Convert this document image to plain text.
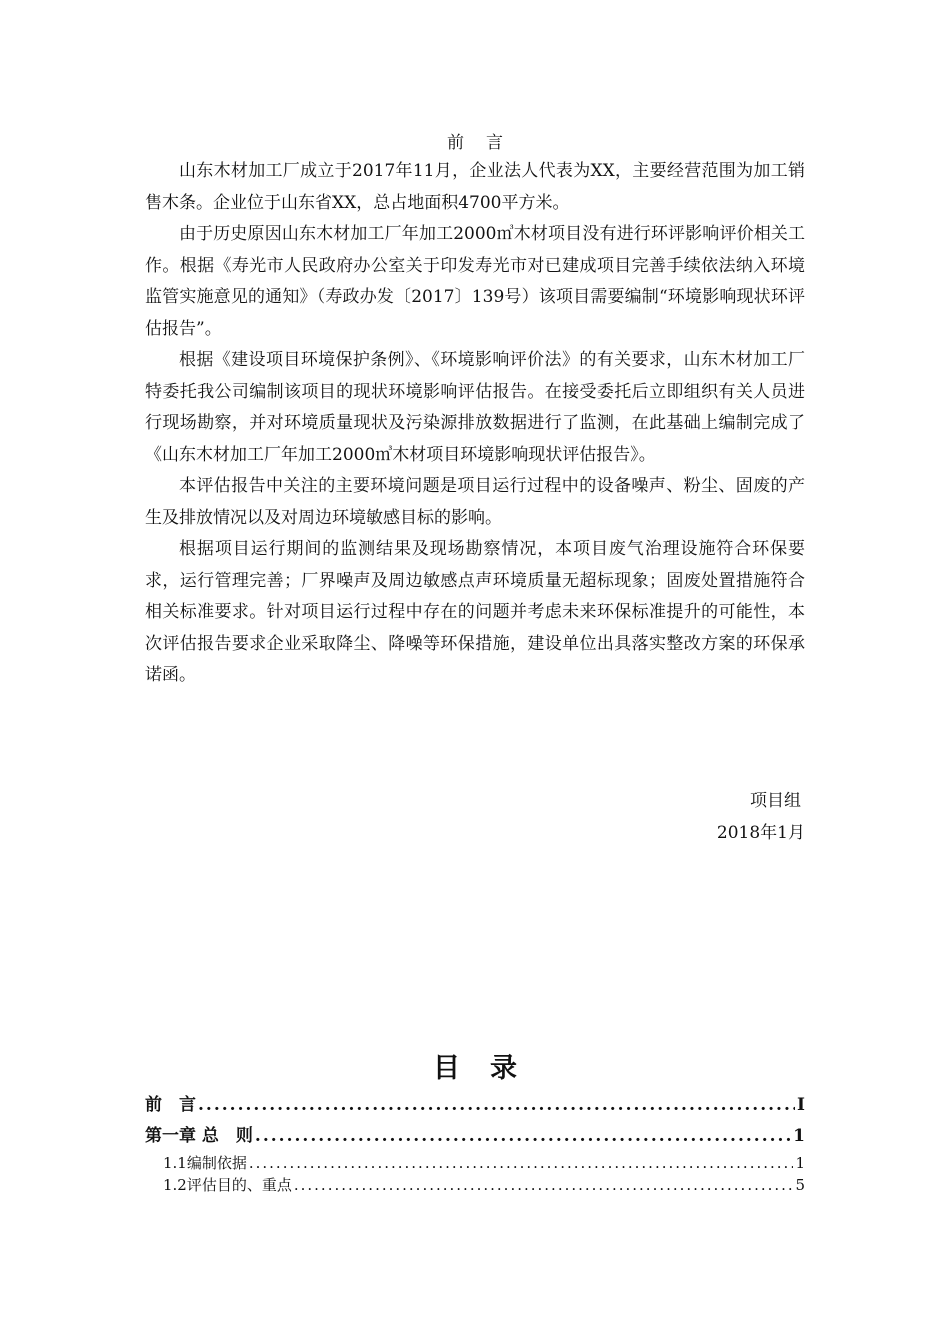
前 言

山东木材加工厂成立于2017年11月，企业法人代表为XX，主要经营范围为加工销售木条。企业位于山东省XX，总占地面积4700平方米。

由于历史原因山东木材加工厂年加工2000㎥木材项目没有进行环评影响评价相关工作。根据《寿光市人民政府办公室关于印发寿光市对已建成项目完善手续依法纳入环境监管实施意见的通知》（寿政办发〔2017〕139号）该项目需要编制“环境影响现状环评估报告”。

根据《建设项目环境保护条例》、《环境影响评价法》的有关要求，山东木材加工厂特委托我公司编制该项目的现状环境影响评估报告。在接受委托后立即组织有关人员进行现场勘察，并对环境质量现状及污染源排放数据进行了监测，在此基础上编制完成了《山东木材加工厂年加工2000㎥木材项目环境影响现状评估报告》。

本评估报告中关注的主要环境问题是项目运行过程中的设备噪声、粉尘、固废的产生及排放情况以及对周边环境敏感目标的影响。

根据项目运行期间的监测结果及现场勘察情况，本项目废气治理设施符合环保要求，运行管理完善；厂界噪声及周边敏感点声环境质量无超标现象；固废处置措施符合相关标准要求。针对项目运行过程中存在的问题并考虑未来环保标准提升的可能性，本次评估报告要求企业采取降尘、降噪等环保措施，建设单位出具落实整改方案的环保承诺函。

项目组
2018年1月
目 录
前　言 .....	I
第一章 总　则 .....	1
1.1编制依据 .....	1
1.2评估目的、重点 .....	5
